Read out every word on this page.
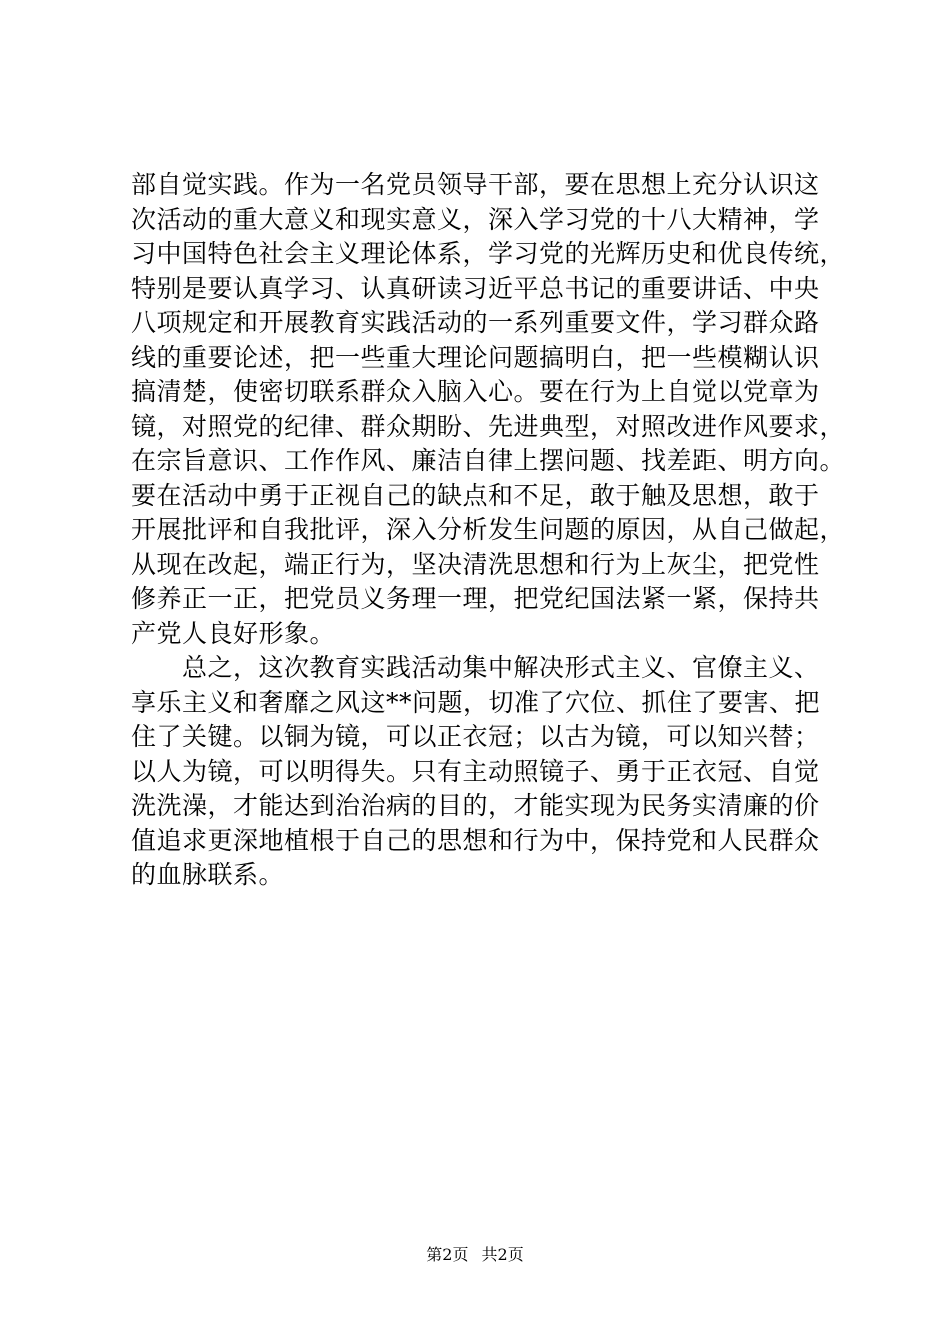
部自觉实践。作为一名党员领导干部，要在思想上充分认识这
次活动的重大意义和现实意义，深入学习党的十八大精神，学
习中国特色社会主义理论体系，学习党的光辉历史和优良传统，
特别是要认真学习、认真研读习近平总书记的重要讲话、中央
八项规定和开展教育实践活动的一系列重要文件，学习群众路
线的重要论述，把一些重大理论问题搞明白，把一些模糊认识
搞清楚，使密切联系群众入脑入心。要在行为上自觉以党章为
镜，对照党的纪律、群众期盼、先进典型，对照改进作风要求，
在宗旨意识、工作作风、廉洁自律上摆问题、找差距、明方向。
要在活动中勇于正视自己的缺点和不足，敢于触及思想，敢于
开展批评和自我批评，深入分析发生问题的原因，从自己做起，
从现在改起，端正行为，坚决清洗思想和行为上灰尘，把党性
修养正一正，把党员义务理一理，把党纪国法紧一紧，保持共
产党人良好形象。
　　总之，这次教育实践活动集中解决形式主义、官僚主义、
享乐主义和奢靡之风这**问题，切准了穴位、抓住了要害、把
住了关键。以铜为镜，可以正衣冠；以古为镜，可以知兴替；
以人为镜，可以明得失。只有主动照镜子、勇于正衣冠、自觉
洗洗澡，才能达到治治病的目的，才能实现为民务实清廉的价
值追求更深地植根于自己的思想和行为中，保持党和人民群众
的血脉联系。
第2页 共2页
